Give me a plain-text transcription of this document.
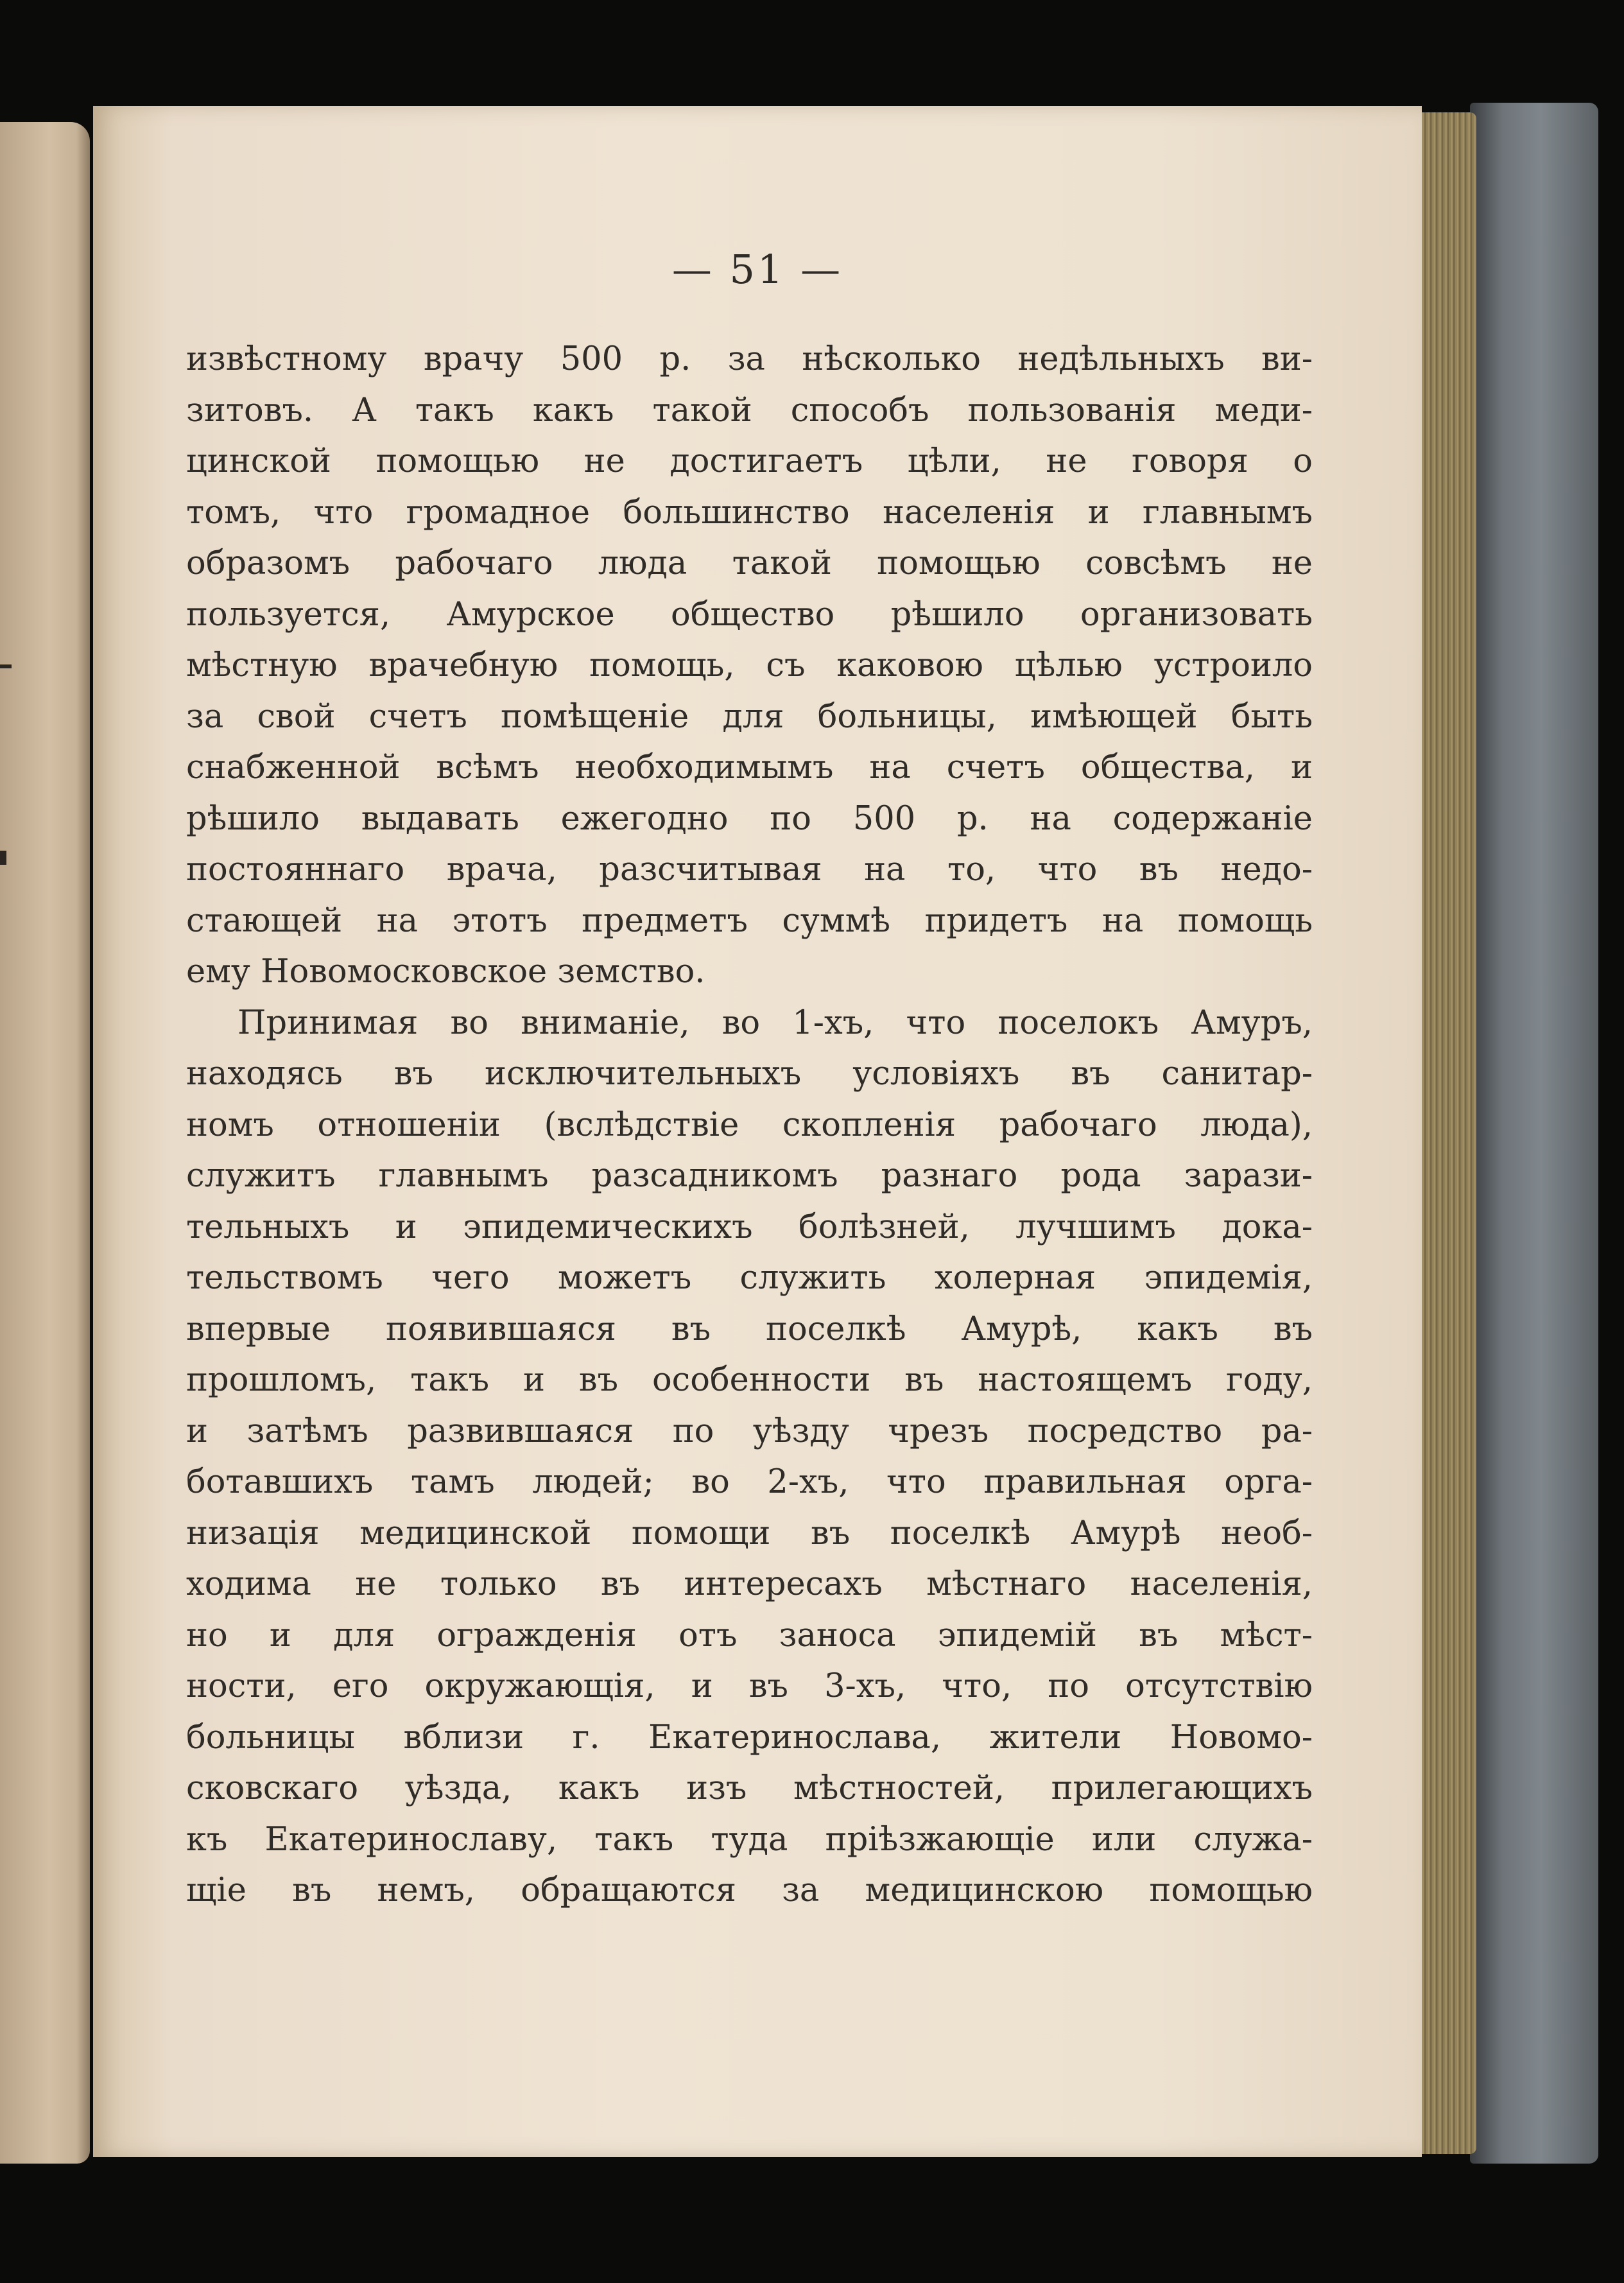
— 51 —
извѣстному врачу 500 р. за нѣсколько недѣльныхъ ви-
зитовъ. А такъ какъ такой способъ пользованія меди-
цинской помощью не достигаетъ цѣли, не говоря о
томъ, что громадное большинство населенія и главнымъ
образомъ рабочаго люда такой помощью совсѣмъ не
пользуется, Амурское общество рѣшило организовать
мѣстную врачебную помощь, съ каковою цѣлью устроило
за свой счетъ помѣщеніе для больницы, имѣющей быть
снабженной всѣмъ необходимымъ на счетъ общества, и
рѣшило выдавать ежегодно по 500 р. на содержаніе
постояннаго врача, разсчитывая на то, что въ недо-
стающей на этотъ предметъ суммѣ придетъ на помощь
ему Новомосковское земство.
Принимая во вниманіе, во 1-хъ, что поселокъ Амуръ,
находясь въ исключительныхъ условіяхъ въ санитар-
номъ отношеніи (вслѣдствіе скопленія рабочаго люда),
служитъ главнымъ разсадникомъ разнаго рода зарази-
тельныхъ и эпидемическихъ болѣзней, лучшимъ дока-
тельствомъ чего можетъ служить холерная эпидемія,
впервые появившаяся въ поселкѣ Амурѣ, какъ въ
прошломъ, такъ и въ особенности въ настоящемъ году,
и затѣмъ развившаяся по уѣзду чрезъ посредство ра-
ботавшихъ тамъ людей; во 2-хъ, что правильная орга-
низація медицинской помощи въ поселкѣ Амурѣ необ-
ходима не только въ интересахъ мѣстнаго населенія,
но и для огражденія отъ заноса эпидемій въ мѣст-
ности, его окружающія, и въ 3-хъ, что, по отсутствію
больницы вблизи г. Екатеринослава, жители Новомо-
сковскаго уѣзда, какъ изъ мѣстностей, прилегающихъ
къ Екатеринославу, такъ туда пріѣзжающіе или служа-
щіе въ немъ, обращаются за медицинскою помощью
